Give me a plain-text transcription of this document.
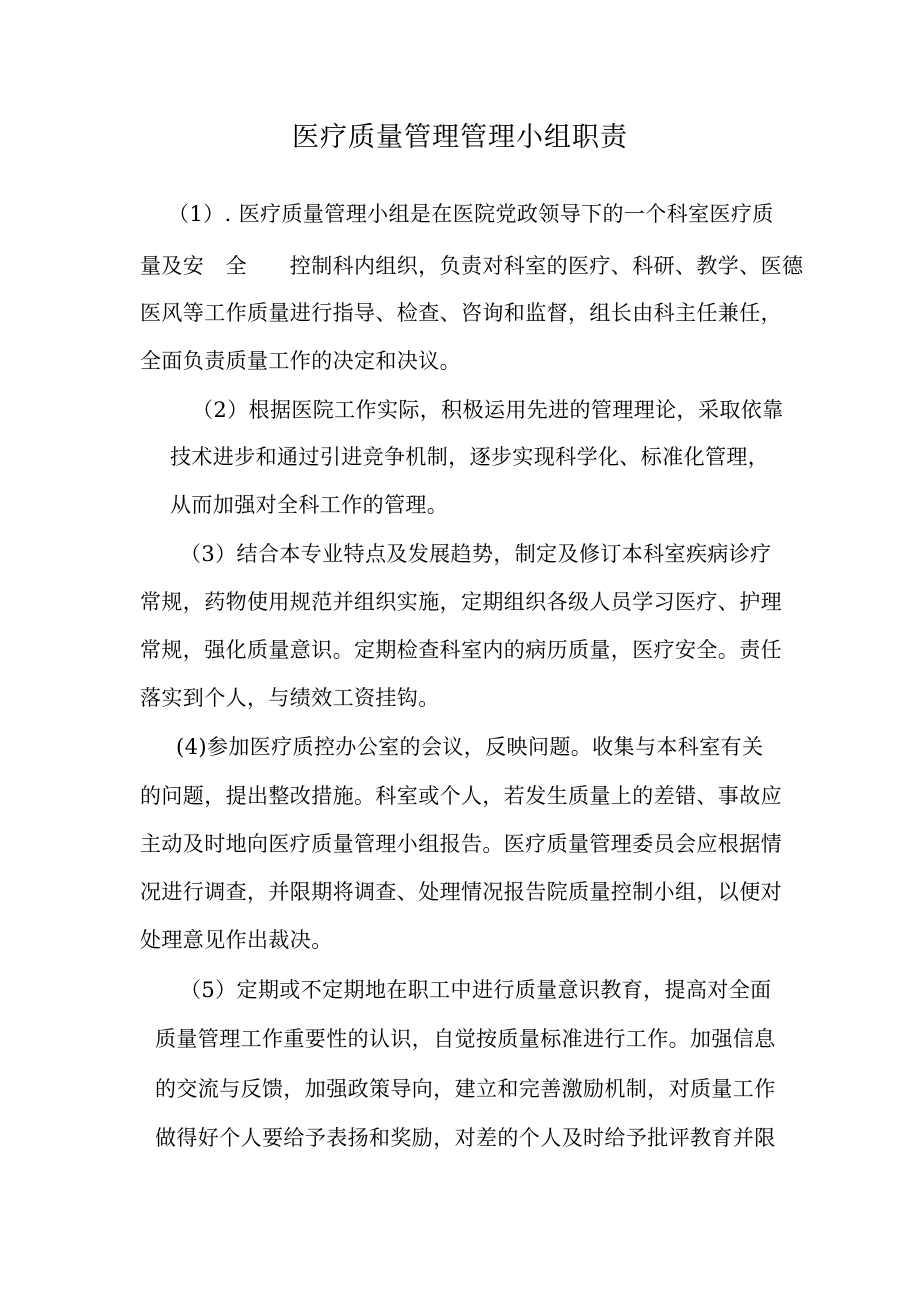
医疗质量管理管理小组职责
（1）. 医疗质量管理小组是在医院党政领导下的一个科室医疗质
量及安　全　　控制科内组织，负责对科室的医疗、科研、教学、医德
医风等工作质量进行指导、检查、咨询和监督，组长由科主任兼任，
全面负责质量工作的决定和决议。
（2）根据医院工作实际，积极运用先进的管理理论，采取依靠
技术进步和通过引进竞争机制，逐步实现科学化、标准化管理，
从而加强对全科工作的管理。
（3）结合本专业特点及发展趋势，制定及修订本科室疾病诊疗
常规，药物使用规范并组织实施，定期组织各级人员学习医疗、护理
常规，强化质量意识。定期检查科室内的病历质量，医疗安全。责任
落实到个人，与绩效工资挂钩。
(4)参加医疗质控办公室的会议，反映问题。收集与本科室有关
的问题，提出整改措施。科室或个人，若发生质量上的差错、事故应
主动及时地向医疗质量管理小组报告。医疗质量管理委员会应根据情
况进行调查，并限期将调查、处理情况报告院质量控制小组，以便对
处理意见作出裁决。
（5）定期或不定期地在职工中进行质量意识教育，提高对全面
质量管理工作重要性的认识，自觉按质量标准进行工作。加强信息
的交流与反馈，加强政策导向，建立和完善激励机制，对质量工作
做得好个人要给予表扬和奖励，对差的个人及时给予批评教育并限
